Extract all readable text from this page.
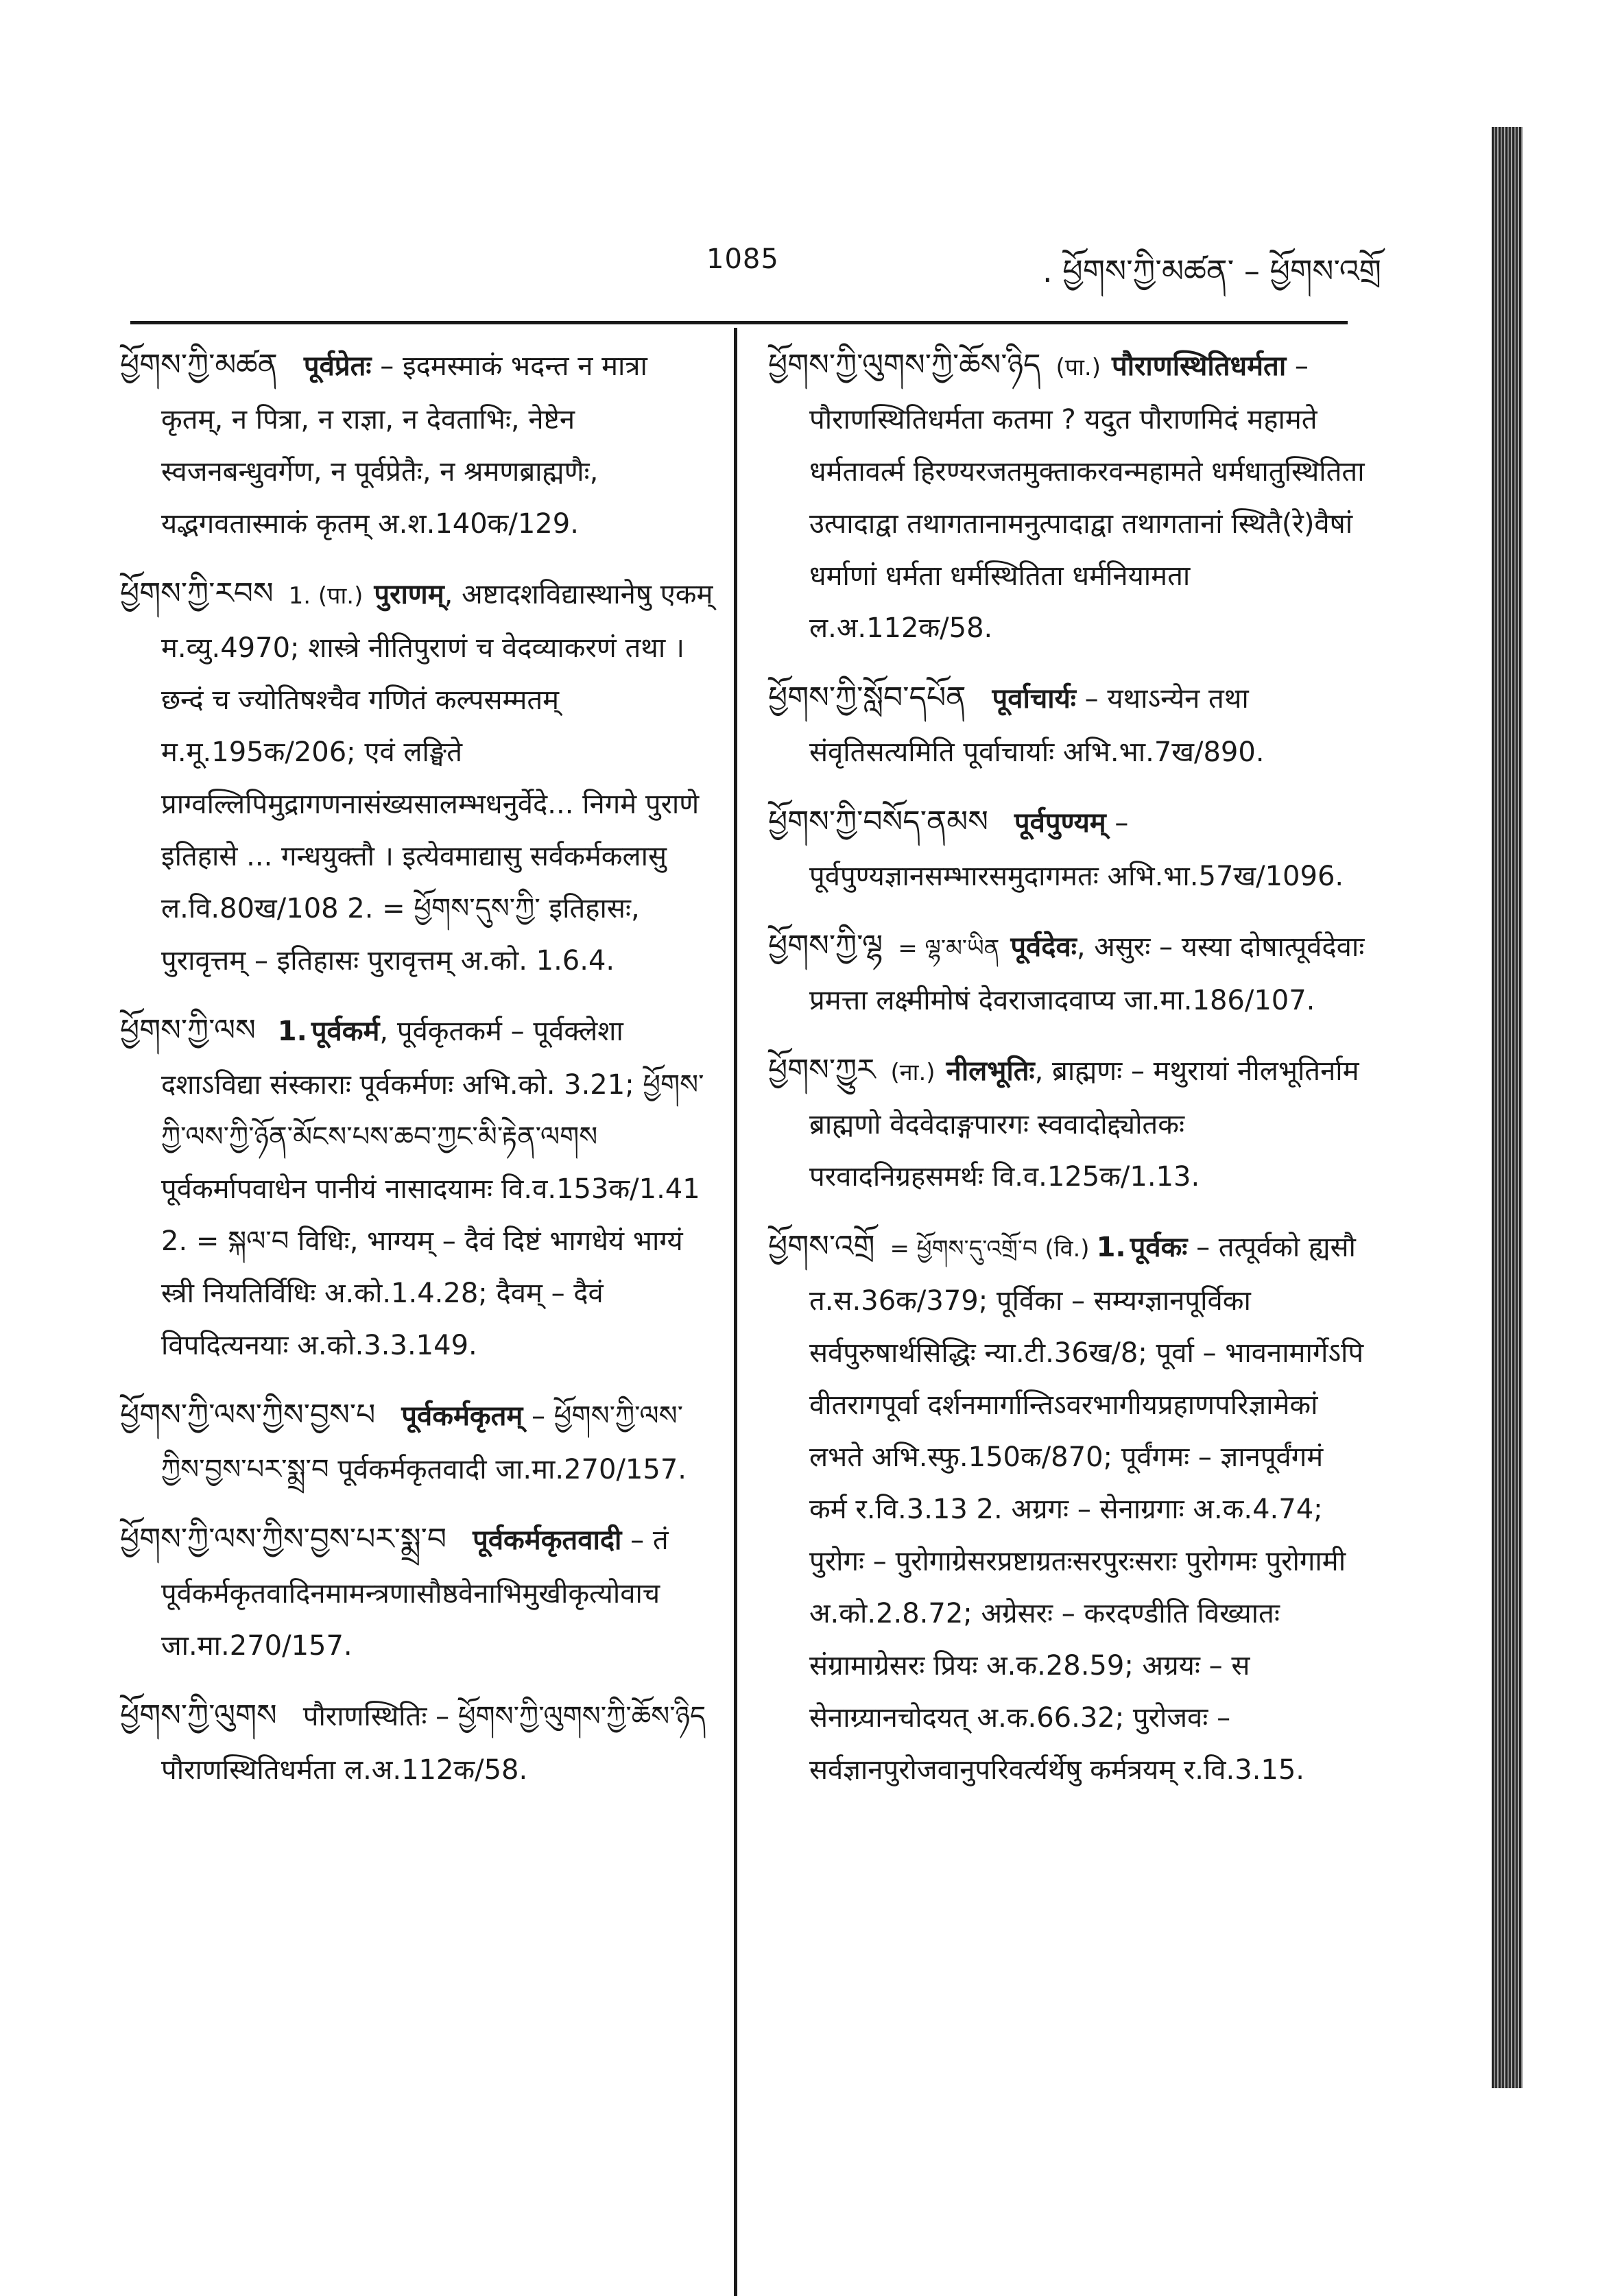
1085	. ཕྱོགས་ཀྱི་མཚན་ – ཕྱོགས་འགྲོ
ཕྱོགས་ཀྱི་མཚན पूर्वप्रेतः – इदमस्माकं भदन्त न मात्रा कृतम्, न पित्रा, न राज्ञा, न देवताभिः, नेष्टेन स्वजनबन्धुवर्गेण, न पूर्वप्रेतैः, न श्रमणब्राह्मणैः, यद्भगवतास्माकं कृतम् अ.श.140क/129.
ཕྱོགས་ཀྱི་རབས 1. (पा.) पुराणम्, अष्टादशविद्यास्थानेषु एकम् म.व्यु.4970; शास्त्रे नीतिपुराणं च वेदव्याकरणं तथा । छन्दं च ज्योतिषश्चैव गणितं कल्पसम्मतम् म.मू.195क/206; एवं लङ्घिते प्राग्वल्लिपिमुद्रागणनासंख्यसालम्भधनुर्वेदे... निगमे पुराणे इतिहासे ... गन्धयुक्तौ । इत्येवमाद्यासु सर्वकर्मकलासु ल.वि.80ख/108 2. = ཕྱོགས་དུས་ཀྱི་ इतिहासः, पुरावृत्तम् – इतिहासः पुरावृत्तम् अ.को. 1.6.4.
ཕྱོགས་ཀྱི་ལས 1. पूर्वकर्म, पूर्वकृतकर्म – पूर्वक्लेशा दशाऽविद्या संस्काराः पूर्वकर्मणः अभि.को. 3.21; ཕྱོགས་ཀྱི་ལས་ཀྱི་ཉོན་མོངས་པས་ཆབ་ཀྱང་མི་རྟེན་ལགས पूर्वकर्मापवाधेन पानीयं नासादयामः वि.व.153क/1.41 2. = སྐལ་བ विधिः, भाग्यम् – दैवं दिष्टं भागधेयं भाग्यं स्त्री नियतिर्विधिः अ.को.1.4.28; दैवम् – दैवं विपदित्यनयाः अ.को.3.3.149.
ཕྱོགས་ཀྱི་ལས་ཀྱིས་བྱས་པ पूर्वकर्मकृतम् – ཕྱོགས་ཀྱི་ལས་ཀྱིས་བྱས་པར་སྨྲ་བ पूर्वकर्मकृतवादी जा.मा.270/157.
ཕྱོགས་ཀྱི་ལས་ཀྱིས་བྱས་པར་སྨྲ་བ पूर्वकर्मकृतवादी – तं पूर्वकर्मकृतवादिनमामन्त्रणासौष्ठवेनाभिमुखीकृत्योवाच जा.मा.270/157.
ཕྱོགས་ཀྱི་ལུགས पौराणस्थितिः – ཕྱོགས་ཀྱི་ལུགས་ཀྱི་ཆོས་ཉིད पौराणस्थितिधर्मता ल.अ.112क/58.
ཕྱོགས་ཀྱི་ལུགས་ཀྱི་ཆོས་ཉིད (पा.) पौराणस्थितिधर्मता – पौराणस्थितिधर्मता कतमा ? यदुत पौराणमिदं महामते धर्मतावर्त्म हिरण्यरजतमुक्ताकरवन्महामते धर्मधातुस्थितिता उत्पादाद्वा तथागतानामनुत्पादाद्वा तथागतानां स्थितै(रे)वैषां धर्माणां धर्मता धर्मस्थितिता धर्मनियामता ल.अ.112क/58.
ཕྱོགས་ཀྱི་སློབ་དཔོན पूर्वाचार्यः – यथाऽन्येन तथा संवृतिसत्यमिति पूर्वाचार्याः अभि.भा.7ख/890.
ཕྱོགས་ཀྱི་བསོད་ནམས पूर्वपुण्यम् – पूर्वपुण्यज्ञानसम्भारसमुदागमतः अभि.भा.57ख/1096.
ཕྱོགས་ཀྱི་ལྷ = ལྷ་མ་ཡིན पूर्वदेवः, असुरः – यस्या दोषात्पूर्वदेवाः प्रमत्ता लक्ष्मीमोषं देवराजादवाप्य जा.मा.186/107.
ཕྱོགས་ཀྱུར (ना.) नीलभूतिः, ब्राह्मणः – मथुरायां नीलभूतिर्नाम ब्राह्मणो वेदवेदाङ्गपारगः स्ववादोद्द्योतकः परवादनिग्रहसमर्थः वि.व.125क/1.13.
ཕྱོགས་འགྲོ = ཕྱོགས་དུ་འགྲོ་བ (वि.) 1. पूर्वकः – तत्पूर्वको ह्यसौ त.स.36क/379; पूर्विका – सम्यग्ज्ञानपूर्विका सर्वपुरुषार्थसिद्धिः न्या.टी.36ख/8; पूर्वा – भावनामार्गेऽपि वीतरागपूर्वा दर्शनमार्गान्तिऽवरभागीयप्रहाणपरिज्ञामेकां लभते अभि.स्फु.150क/870; पूर्वंगमः – ज्ञानपूर्वंगमं कर्म र.वि.3.13 2. अग्रगः – सेनाग्रगाः अ.क.4.74; पुरोगः – पुरोगाग्रेसरप्रष्टाग्रतःसरपुरःसराः पुरोगमः पुरोगामी अ.को.2.8.72; अग्रेसरः – करदण्डीति विख्यातः संग्रामाग्रेसरः प्रियः अ.क.28.59; अग्रयः – स सेनाग्र्यानचोदयत् अ.क.66.32; पुरोजवः – सर्वज्ञानपुरोजवानुपरिवर्त्यर्थेषु कर्मत्रयम् र.वि.3.15.
